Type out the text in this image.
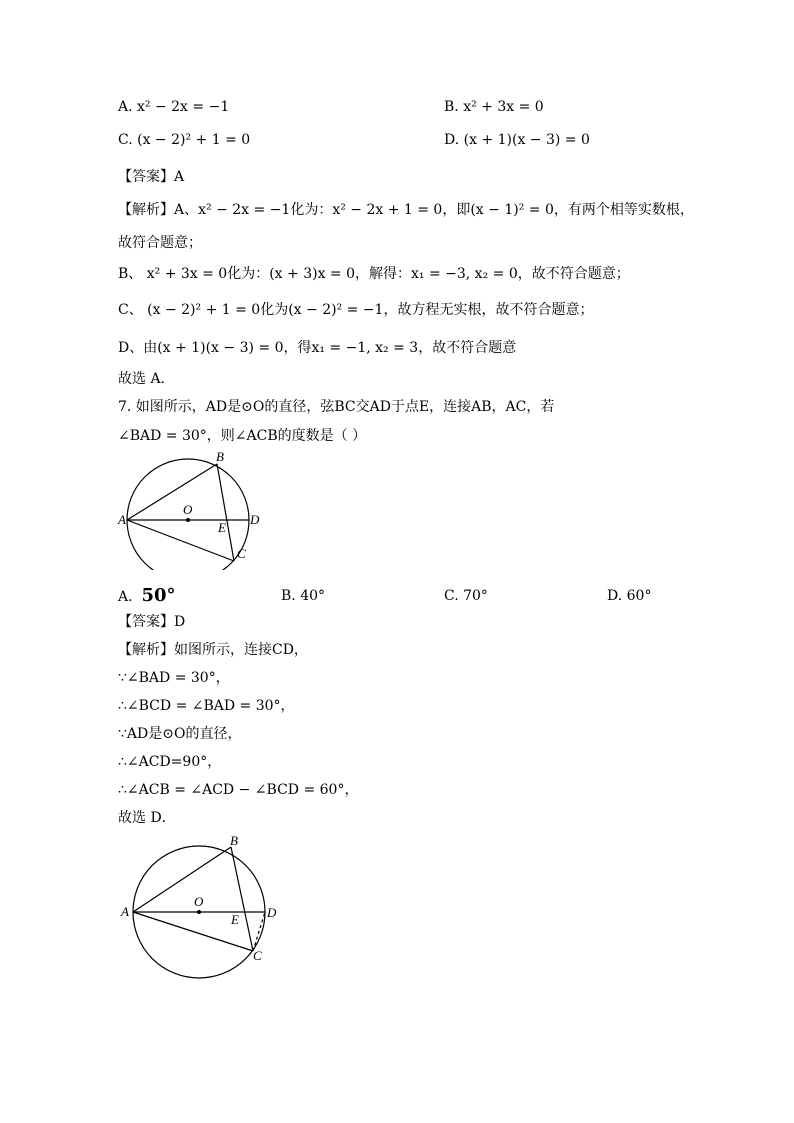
A. x² − 2x = −1	B. x² + 3x = 0
C. (x − 2)² + 1 = 0	D. (x + 1)(x − 3) = 0
【答案】A
【解析】A、x² − 2x = −1化为：x² − 2x + 1 = 0，即(x − 1)² = 0，有两个相等实数根，
故符合题意；
B、 x² + 3x = 0化为：(x + 3)x = 0，解得：x₁ = −3, x₂ = 0，故不符合题意；
C、 (x − 2)² + 1 = 0化为(x − 2)² = −1，故方程无实根，故不符合题意；
D、由(x + 1)(x − 3) = 0，得x₁ = −1, x₂ = 3，故不符合题意
故选 A．
7. 如图所示，AD是⊙O的直径，弦BC交AD于点E，连接AB，AC，若
∠BAD = 30°，则∠ACB的度数是（ ）
A
B
C
D
E
O
A. 50°	B. 40°	C. 70°	D. 60°
【答案】D
【解析】如图所示，连接CD，
∵∠BAD = 30°，
∴∠BCD = ∠BAD = 30°，
∵AD是⊙O的直径，
∴∠ACD=90°，
∴∠ACB = ∠ACD − ∠BCD = 60°，
故选 D．
A
B
C
D
E
O
